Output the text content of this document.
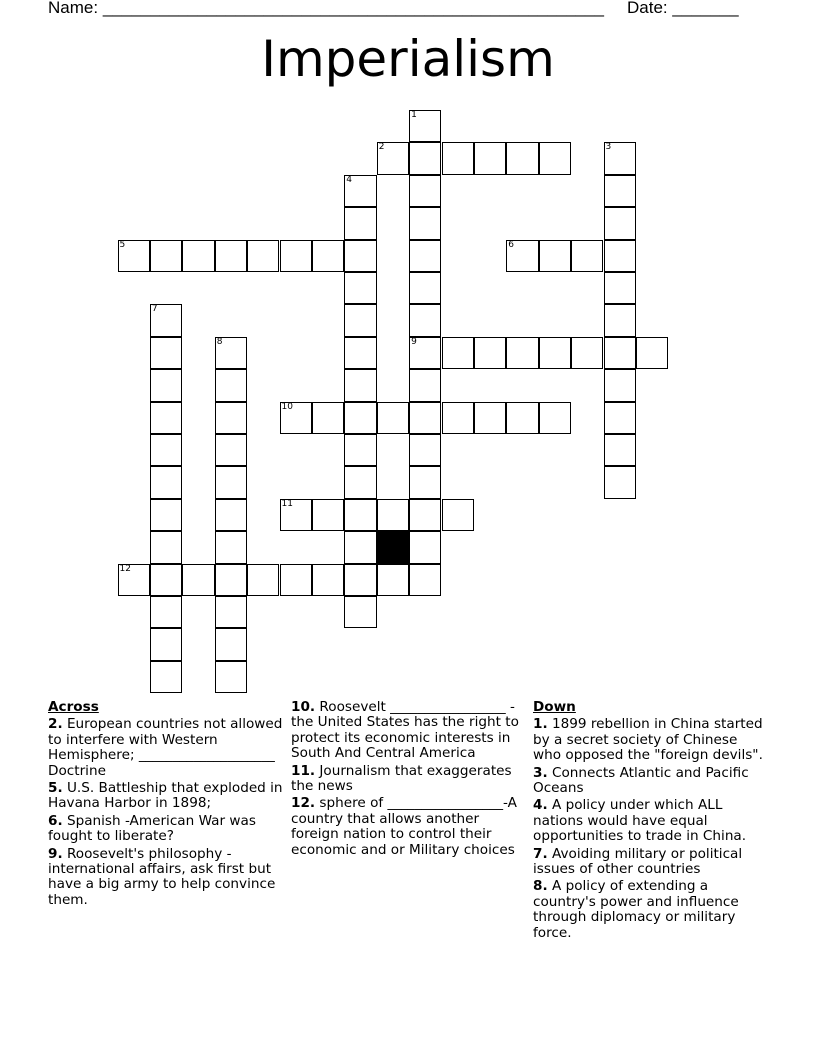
Name: _____________________________________________________ Date: _______
Imperialism
1
9
2	3
4
5	6
7
8
10
11
12
Across
2. European countries not allowed to interfere with Western Hemisphere; ____________________ Doctrine
5. U.S. Battleship that exploded in Havana Harbor in 1898;
6. Spanish -American War was fought to liberate?
9. Roosevelt's philosophy - international affairs, ask first but have a big army to help convince them.
10. Roosevelt _________________ -the United States has the right to protect its economic interests in South And Central America
11. Journalism that exaggerates the news
12. sphere of _________________-A country that allows another foreign nation to control their economic and or Military choices
Down
1. 1899 rebellion in China started by a secret society of Chinese who opposed the "foreign devils".
3. Connects Atlantic and Pacific Oceans
4. A policy under which ALL nations would have equal opportunities to trade in China.
7. Avoiding military or political issues of other countries
8. A policy of extending a country's power and influence through diplomacy or military force.
